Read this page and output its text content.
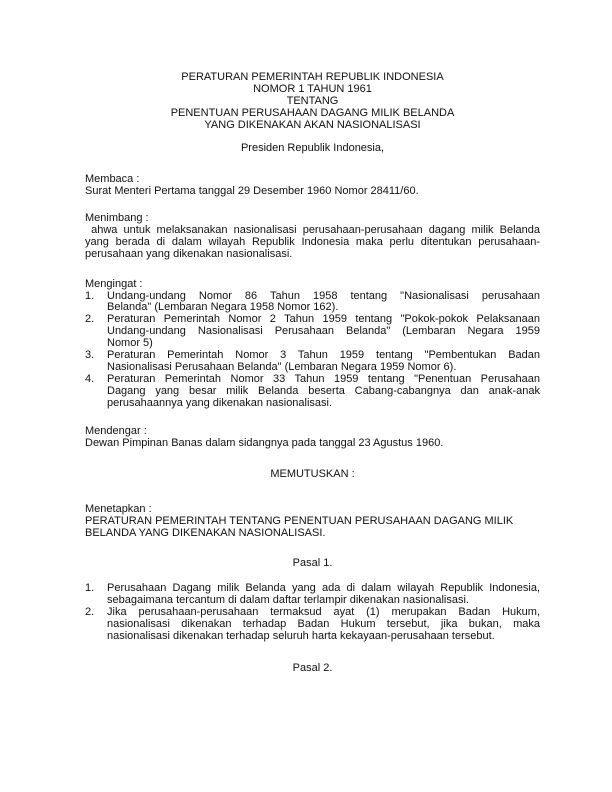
PERATURAN PEMERINTAH REPUBLIK INDONESIA
NOMOR 1 TAHUN 1961
TENTANG
PENENTUAN PERUSAHAAN DAGANG MILIK BELANDA
YANG DIKENAKAN AKAN NASIONALISASI
Presiden Republik Indonesia,
Membaca :
Surat Menteri Pertama tanggal 29 Desember 1960 Nomor 28411/60.
Menimbang :
ahwa untuk melaksanakan nasionalisasi perusahaan-perusahaan dagang milik Belanda
yang berada di dalam wilayah Republik Indonesia maka perlu ditentukan perusahaan-
perusahaan yang dikenakan nasionalisasi.
Mengingat :
1.	Undang-undang Nomor 86 Tahun 1958 tentang "Nasionalisasi perusahaan
Belanda" (Lembaran Negara 1958 Nomor 162).
2.	Peraturan Pemerintah Nomor 2 Tahun 1959 tentang "Pokok-pokok Pelaksanaan
Undang-undang Nasionalisasi Perusahaan Belanda" (Lembaran Negara 1959
Nomor 5)
3.	Peraturan Pemerintah Nomor 3 Tahun 1959 tentang "Pembentukan Badan
Nasionalisasi Perusahaan Belanda" (Lembaran Negara 1959 Nomor 6).
4.	Peraturan Pemerintah Nomor 33 Tahun 1959 tentang "Penentuan Perusahaan
Dagang yang besar milik Belanda beserta Cabang-cabangnya dan anak-anak
perusahaannya yang dikenakan nasionalisasi.
Mendengar :
Dewan Pimpinan Banas dalam sidangnya pada tanggal 23 Agustus 1960.
MEMUTUSKAN :
Menetapkan :
PERATURAN PEMERINTAH TENTANG PENENTUAN PERUSAHAAN DAGANG MILIK
BELANDA YANG DIKENAKAN NASIONALISASI.
Pasal 1.
1.	Perusahaan Dagang milik Belanda yang ada di dalam wilayah Republik Indonesia,
sebagaimana tercantum di dalam daftar terlampir dikenakan nasionalisasi.
2.	Jika perusahaan-perusahaan termaksud ayat (1) merupakan Badan Hukum,
nasionalisasi dikenakan terhadap Badan Hukum tersebut, jika bukan, maka
nasionalisasi dikenakan terhadap seluruh harta kekayaan-perusahaan tersebut.
Pasal 2.
